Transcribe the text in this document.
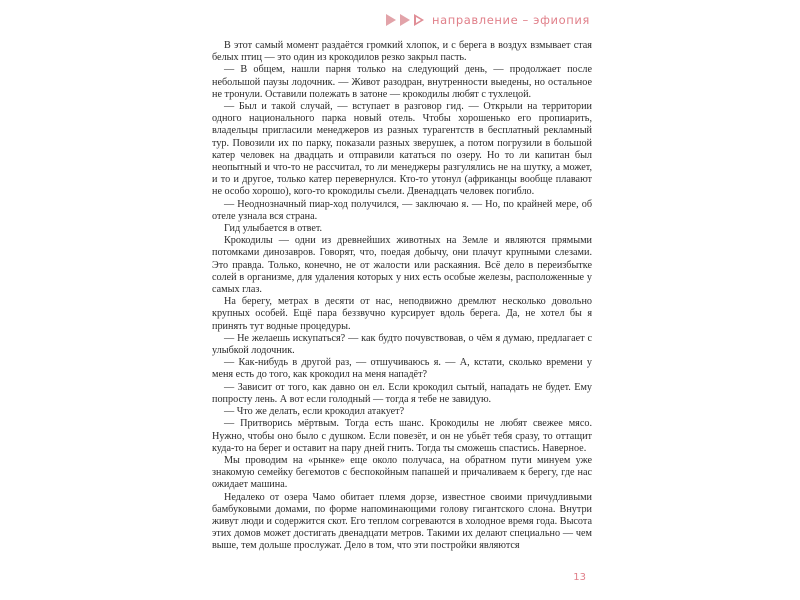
направление – эфиопия

В этот самый момент раздаётся громкий хлопок, и с берега в воздух взмывает стая белых птиц — это один из крокодилов резко закрыл пасть.

— В общем, нашли парня только на следующий день, — продолжает после небольшой паузы лодочник. — Живот разодран, внутренности выедены, но остальное не тронули. Оставили полежать в затоне — крокодилы любят с тухлецой.

— Был и такой случай, — вступает в разговор гид. — Открыли на территории одного национального парка новый отель. Чтобы хорошенько его пропиарить, владельцы пригласили менеджеров из разных турагентств в бесплатный рекламный тур. Повозили их по парку, показали разных зверушек, а потом погрузили в большой катер человек на двадцать и отправили кататься по озеру. Но то ли капитан был неопытный и что-то не рассчитал, то ли менеджеры разгулялись не на шутку, а может, и то и другое, только катер перевернулся. Кто-то утонул (африканцы вообще плавают не особо хорошо), кого-то крокодилы съели. Двенадцать человек погибло.

— Неоднозначный пиар-ход получился, — заключаю я. — Но, по крайней мере, об отеле узнала вся страна.

Гид улыбается в ответ.

Крокодилы — одни из древнейших животных на Земле и являются прямыми потомками динозавров. Говорят, что, поедая добычу, они плачут крупными слезами. Это правда. Только, конечно, не от жалости или раскаяния. Всё дело в переизбытке солей в организме, для удаления которых у них есть особые железы, расположенные у самых глаз.

На берегу, метрах в десяти от нас, неподвижно дремлют несколько довольно крупных особей. Ещё пара беззвучно курсирует вдоль берега. Да, не хотел бы я принять тут водные процедуры.

— Не желаешь искупаться? — как будто почувствовав, о чём я думаю, предлагает с улыбкой лодочник.

— Как-нибудь в другой раз, — отшучиваюсь я. — А, кстати, сколько времени у меня есть до того, как крокодил на меня нападёт?

— Зависит от того, как давно он ел. Если крокодил сытый, нападать не будет. Ему попросту лень. А вот если голодный — тогда я тебе не завидую.

— Что же делать, если крокодил атакует?

— Притворись мёртвым. Тогда есть шанс. Крокодилы не любят свежее мясо. Нужно, чтобы оно было с душком. Если повезёт, и он не убьёт тебя сразу, то оттащит куда-то на берег и оставит на пару дней гнить. Тогда ты сможешь спастись. Наверное.

Мы проводим на «рынке» еще около получаса, на обратном пути минуем уже знакомую семейку бегемотов с беспокойным папашей и причаливаем к берегу, где нас ожидает машина.

Недалеко от озера Чамо обитает племя дорзе, известное своими причудливыми бамбуковыми домами, по форме напоминающими голову гигантского слона. Внутри живут люди и содержится скот. Его теплом согреваются в холодное время года. Высота этих домов может достигать двенадцати метров. Такими их делают специально — чем выше, тем дольше прослужат. Дело в том, что эти постройки являются

13
